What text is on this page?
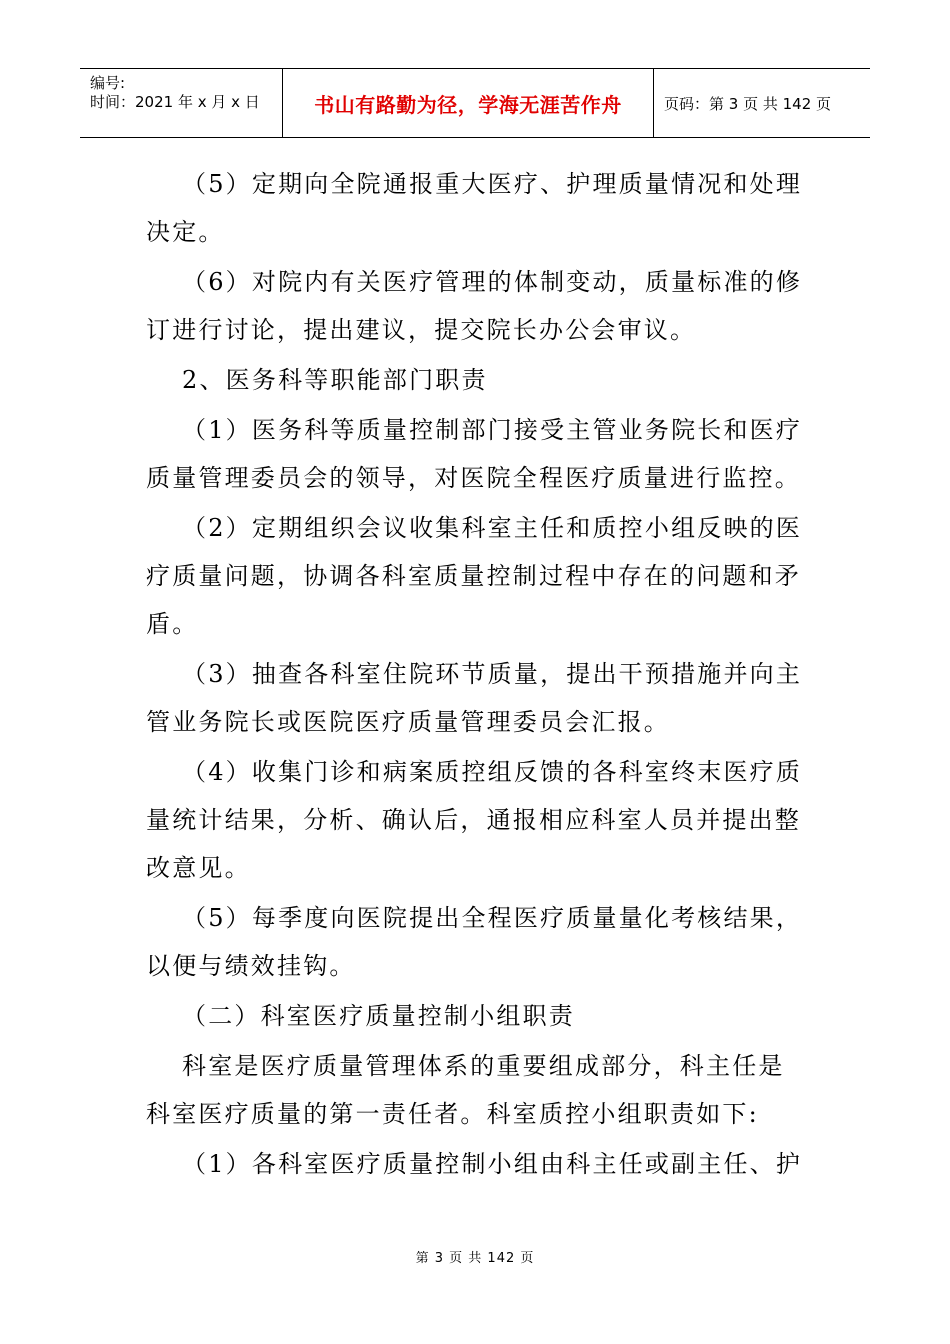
编号:
时间：2021 年 x 月 x 日	书山有路勤为径，学海无涯苦作舟	页码：第 3 页 共 142 页

（5）定期向全院通报重大医疗、护理质量情况和处理决定。

（6）对院内有关医疗管理的体制变动，质量标准的修订进行讨论，提出建议，提交院长办公会审议。

2、医务科等职能部门职责

（1）医务科等质量控制部门接受主管业务院长和医疗质量管理委员会的领导，对医院全程医疗质量进行监控。

（2）定期组织会议收集科室主任和质控小组反映的医疗质量问题，协调各科室质量控制过程中存在的问题和矛盾。

（3）抽查各科室住院环节质量，提出干预措施并向主管业务院长或医院医疗质量管理委员会汇报。

（4）收集门诊和病案质控组反馈的各科室终末医疗质量统计结果，分析、确认后，通报相应科室人员并提出整改意见。

（5）每季度向医院提出全程医疗质量量化考核结果，以便与绩效挂钩。

（二）科室医疗质量控制小组职责

科室是医疗质量管理体系的重要组成部分，科主任是科室医疗质量的第一责任者。科室质控小组职责如下:

（1）各科室医疗质量控制小组由科主任或副主任、护

第 3 页 共 142 页
